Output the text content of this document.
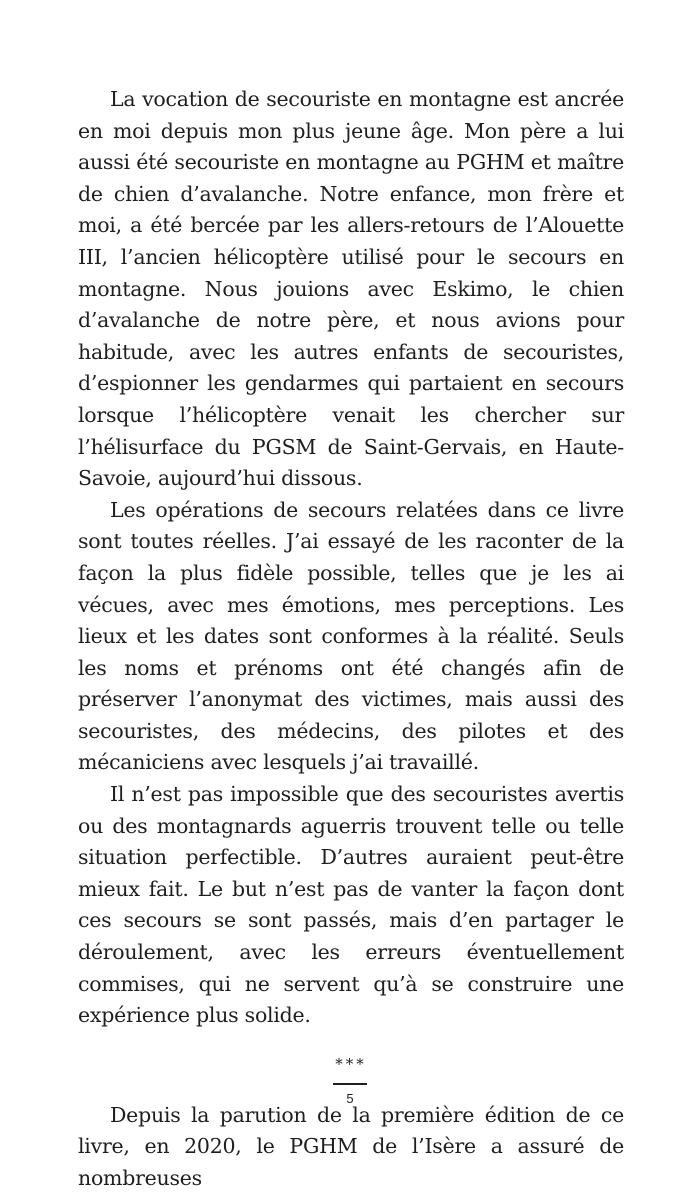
La vocation de secouriste en montagne est ancrée en moi depuis mon plus jeune âge. Mon père a lui aussi été secouriste en montagne au PGHM et maître de chien d’avalanche. Notre enfance, mon frère et moi, a été bercée par les allers-retours de l’Alouette III, l’ancien hélicoptère utilisé pour le secours en montagne. Nous jouions avec Eskimo, le chien d’avalanche de notre père, et nous avions pour habitude, avec les autres enfants de secouristes, d’espionner les gendarmes qui partaient en secours lorsque l’hélicoptère venait les chercher sur l’hélisurface du PGSM de Saint-Gervais, en Haute-Savoie, aujourd’hui dissous.

Les opérations de secours relatées dans ce livre sont toutes réelles. J’ai essayé de les raconter de la façon la plus fidèle possible, telles que je les ai vécues, avec mes émotions, mes perceptions. Les lieux et les dates sont conformes à la réalité. Seuls les noms et prénoms ont été changés afin de préserver l’anonymat des victimes, mais aussi des secouristes, des médecins, des pilotes et des mécaniciens avec lesquels j’ai travaillé.

Il n’est pas impossible que des secouristes avertis ou des montagnards aguerris trouvent telle ou telle situation perfectible. D’autres auraient peut-être mieux fait. Le but n’est pas de vanter la façon dont ces secours se sont passés, mais d’en partager le déroulement, avec les erreurs éventuellement commises, qui ne servent qu’à se construire une expérience plus solide.

***

Depuis la parution de la première édition de ce livre, en 2020, le PGHM de l’Isère a assuré de nombreuses

5
